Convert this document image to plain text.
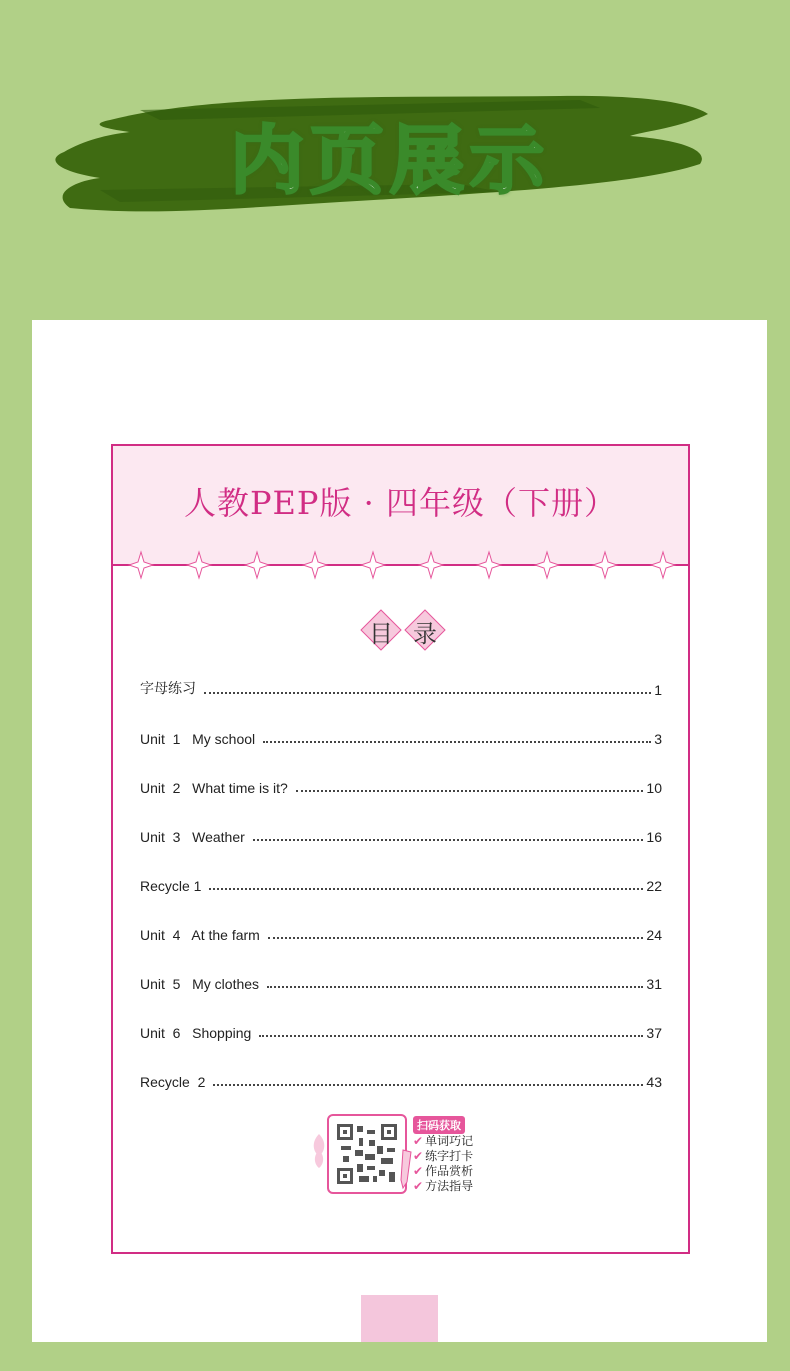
内页展示
人教PEP版 · 四年级（下册）
目 录
字母练习	1
Unit  1   My school	3
Unit  2   What time is it?	10
Unit  3   Weather	16
Recycle 1	22
Unit  4   At the farm	24
Unit  5   My clothes	31
Unit  6   Shopping	37
Recycle  2	43
扫码获取
✔ 单词巧记
✔ 练字打卡
✔ 作品赏析
✔ 方法指导
